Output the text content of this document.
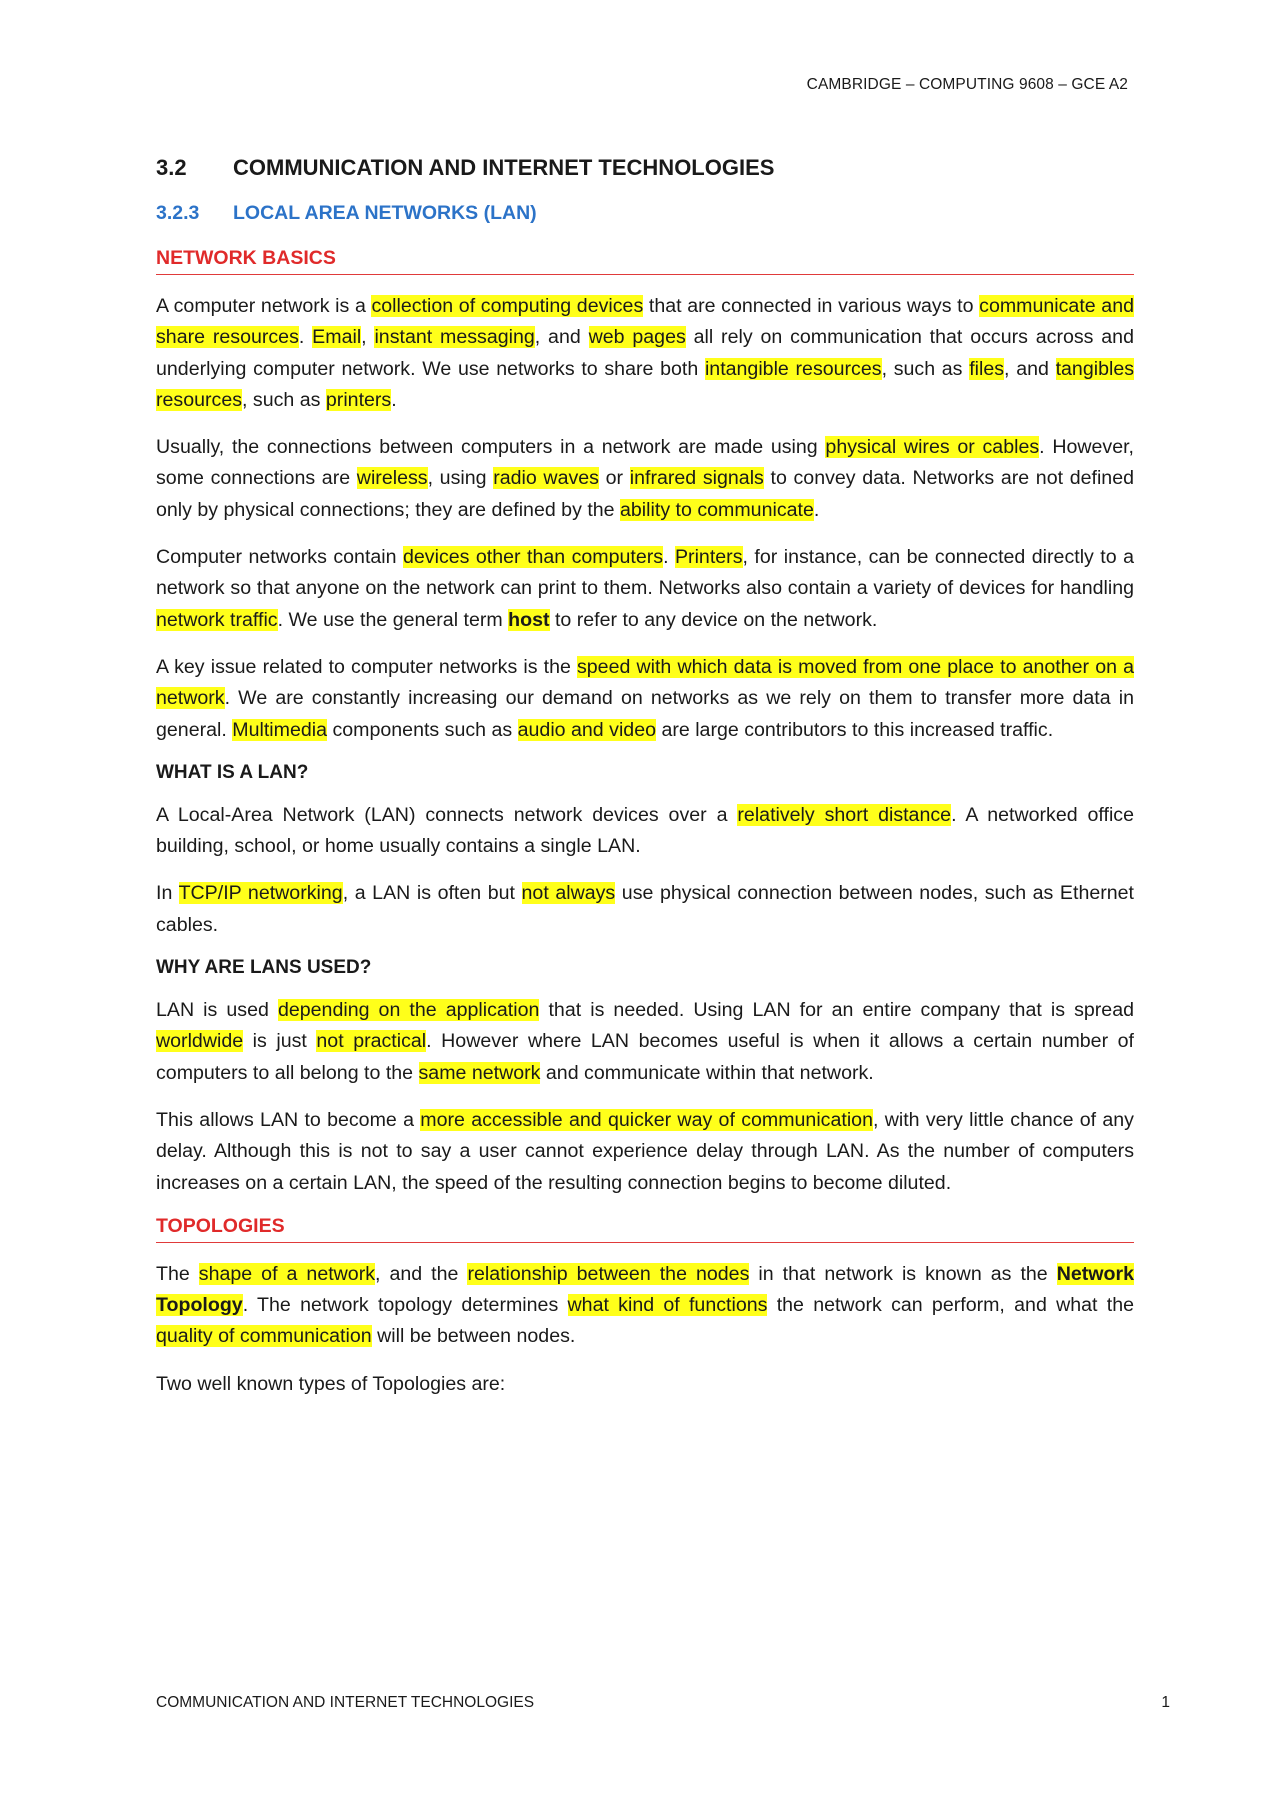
CAMBRIDGE – COMPUTING 9608 – GCE A2
3.2	COMMUNICATION AND INTERNET TECHNOLOGIES
3.2.3	LOCAL AREA NETWORKS (LAN)
NETWORK BASICS

A computer network is a collection of computing devices that are connected in various ways to communicate and share resources. Email, instant messaging, and web pages all rely on communication that occurs across and underlying computer network. We use networks to share both intangible resources, such as files, and tangibles resources, such as printers.

Usually, the connections between computers in a network are made using physical wires or cables. However, some connections are wireless, using radio waves or infrared signals to convey data. Networks are not defined only by physical connections; they are defined by the ability to communicate.

Computer networks contain devices other than computers. Printers, for instance, can be connected directly to a network so that anyone on the network can print to them. Networks also contain a variety of devices for handling network traffic. We use the general term host to refer to any device on the network.

A key issue related to computer networks is the speed with which data is moved from one place to another on a network. We are constantly increasing our demand on networks as we rely on them to transfer more data in general. Multimedia components such as audio and video are large contributors to this increased traffic.

WHAT IS A LAN?

A Local-Area Network (LAN) connects network devices over a relatively short distance. A networked office building, school, or home usually contains a single LAN.

In TCP/IP networking, a LAN is often but not always use physical connection between nodes, such as Ethernet cables.

WHY ARE LANS USED?

LAN is used depending on the application that is needed. Using LAN for an entire company that is spread worldwide is just not practical. However where LAN becomes useful is when it allows a certain number of computers to all belong to the same network and communicate within that network.

This allows LAN to become a more accessible and quicker way of communication, with very little chance of any delay. Although this is not to say a user cannot experience delay through LAN. As the number of computers increases on a certain LAN, the speed of the resulting connection begins to become diluted.

TOPOLOGIES

The shape of a network, and the relationship between the nodes in that network is known as the Network Topology. The network topology determines what kind of functions the network can perform, and what the quality of communication will be between nodes.

Two well known types of Topologies are:

COMMUNICATION AND INTERNET TECHNOLOGIES	1
